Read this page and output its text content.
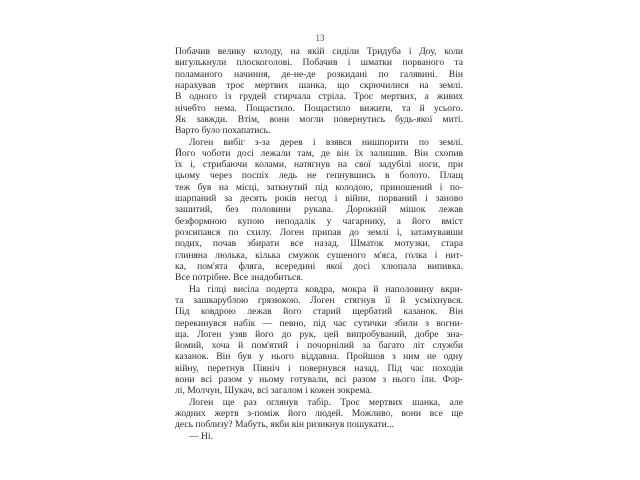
13
Побачив велику колоду, на якій сиділи Тридуба і Доу, коли
вигулькнули плоскоголові. Побачив і шматки порваного та
поламаного начиння, де-не-де розкидані по галявині. Він
нарахував троє мертвих шанка, що скрючилися на землі.
В одного із грудей стирчала стріла. Троє мертвих, а живих
нічебто нема. Пощастило. Пощастило вижити, та й усього.
Як завжди. Втім, вони могли повернутись будь-якої миті.
Варто було похапатись.
Логен вибіг з-за дерев і взявся нишпорити по землі.
Його чоботи досі лежали там, де він їх залишив. Він схопив
їх і, стрибаючи колами, натягнув на свої задубілі ноги, при
цьому через поспіх ледь не гепнувшись в болото. Плащ
теж був на місці, заткнутий під колодою, приношений і по-
шарпаний за десять років негод і війни, порваний і заново
зашитий, без половини рукава. Дорожній мішок лежав
безформною купою неподалік у чагарнику, а його вміст
розсипався по схилу. Логен припав до землі і, затамувавши
подих, почав збирати все назад. Шматок мотузки, стара
глиняна люлька, кілька смужок сушеного м'яса, голка і нит-
ка, пом'ята фляга, всередині якої досі хлюпала випивка.
Все потрібне. Все знадобиться.
На гілці висіла подерта ковдра, мокра й наполовину вкри-
та зашкарублою грязюкою. Логен стягнув її й усміхнувся.
Під ковдрою лежав його старий щербатий казанок. Він
перекинувся набік — певно, під час сутички збили з вогни-
ща. Логен узяв його до рук, цей випробуваний, добре зна-
йомий, хоча й пом'ятий і почорнілий за багато літ служби
казанок. Він був у нього віддавна. Пройшов з ним не одну
війну, перетнув Північ і повернувся назад. Під час походів
вони всі разом у ньому готували, всі разом з нього їли. Фор-
лі, Молчун, Шукач, всі загалом і кожен зокрема.
Логен ще раз оглянув табір. Троє мертвих шанка, але
жодних жертв з-поміж його людей. Можливо, вони все ще
десь поблизу? Мабуть, якби він ризикнув пошукати...
— Ні.
